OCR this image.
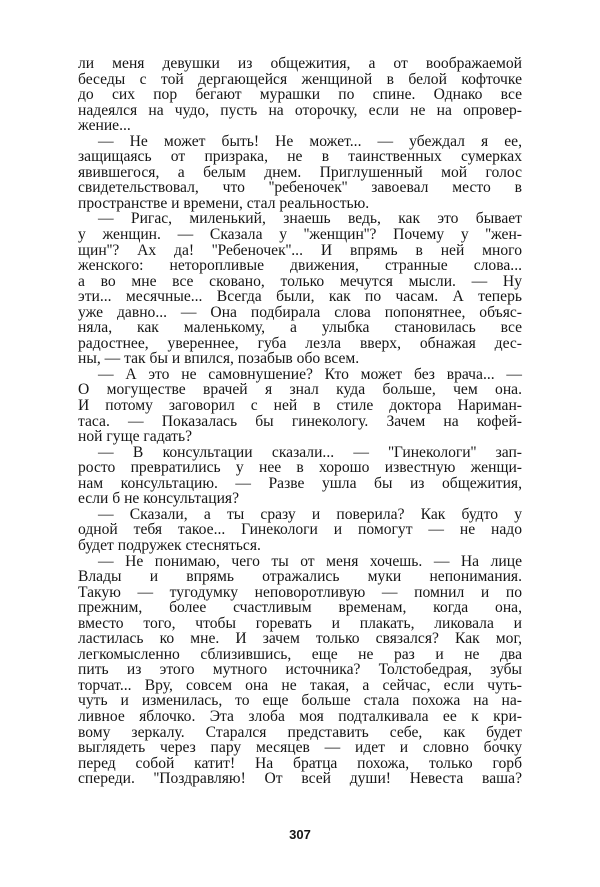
ли меня девушки из общежития, а от воображаемой
беседы с той дергающейся женщиной в белой кофточке
до сих пор бегают мурашки по спине. Однако все
надеялся на чудо, пусть на оторочку, если не на опровер-
жение...
— Не может быть! Не может... — убеждал я ее,
защищаясь от призрака, не в таинственных сумерках
явившегося, а белым днем. Приглушенный мой голос
свидетельствовал, что ''ребеночек'' завоевал место в
пространстве и времени, стал реальностью.
— Ригас, миленький, знаешь ведь, как это бывает
у женщин. — Сказала у ''женщин''? Почему у ''жен-
щин''? Ах да! ''Ребеночек''... И впрямь в ней много
женского: неторопливые движения, странные слова...
а во мне все сковано, только мечутся мысли. — Ну
эти... месячные... Всегда были, как по часам. А теперь
уже давно... — Она подбирала слова попонятнее, объяс-
няла, как маленькому, а улыбка становилась все
радостнее, увереннее, губа лезла вверх, обнажая дес-
ны, — так бы и впился, позабыв обо всем.
— А это не самовнушение? Кто может без врача... —
О могуществе врачей я знал куда больше, чем она.
И потому заговорил с ней в стиле доктора Нариман-
таса. — Показалась бы гинекологу. Зачем на кофей-
ной гуще гадать?
— В консультации сказали... — ''Гинекологи'' зап-
росто превратились у нее в хорошо известную женщи-
нам консультацию. — Разве ушла бы из общежития,
если б не консультация?
— Сказали, а ты сразу и поверила? Как будто у
одной тебя такое... Гинекологи и помогут — не надо
будет подружек стесняться.
— Не понимаю, чего ты от меня хочешь. — На лице
Влады и впрямь отражались муки непонимания.
Такую — тугодумку неповоротливую — помнил и по
прежним, более счастливым временам, когда она,
вместо того, чтобы горевать и плакать, ликовала и
ластилась ко мне. И зачем только связался? Как мог,
легкомысленно сблизившись, еще не раз и не два
пить из этого мутного источника? Толстобедрая, зубы
торчат... Вру, совсем она не такая, а сейчас, если чуть-
чуть и изменилась, то еще больше стала похожа на на-
ливное яблочко. Эта злоба моя подталкивала ее к кри-
вому зеркалу. Старался представить себе, как будет
выглядеть через пару месяцев — идет и словно бочку
перед собой катит! На братца похожа, только горб
спереди. ''Поздравляю! От всей души! Невеста ваша?
307
